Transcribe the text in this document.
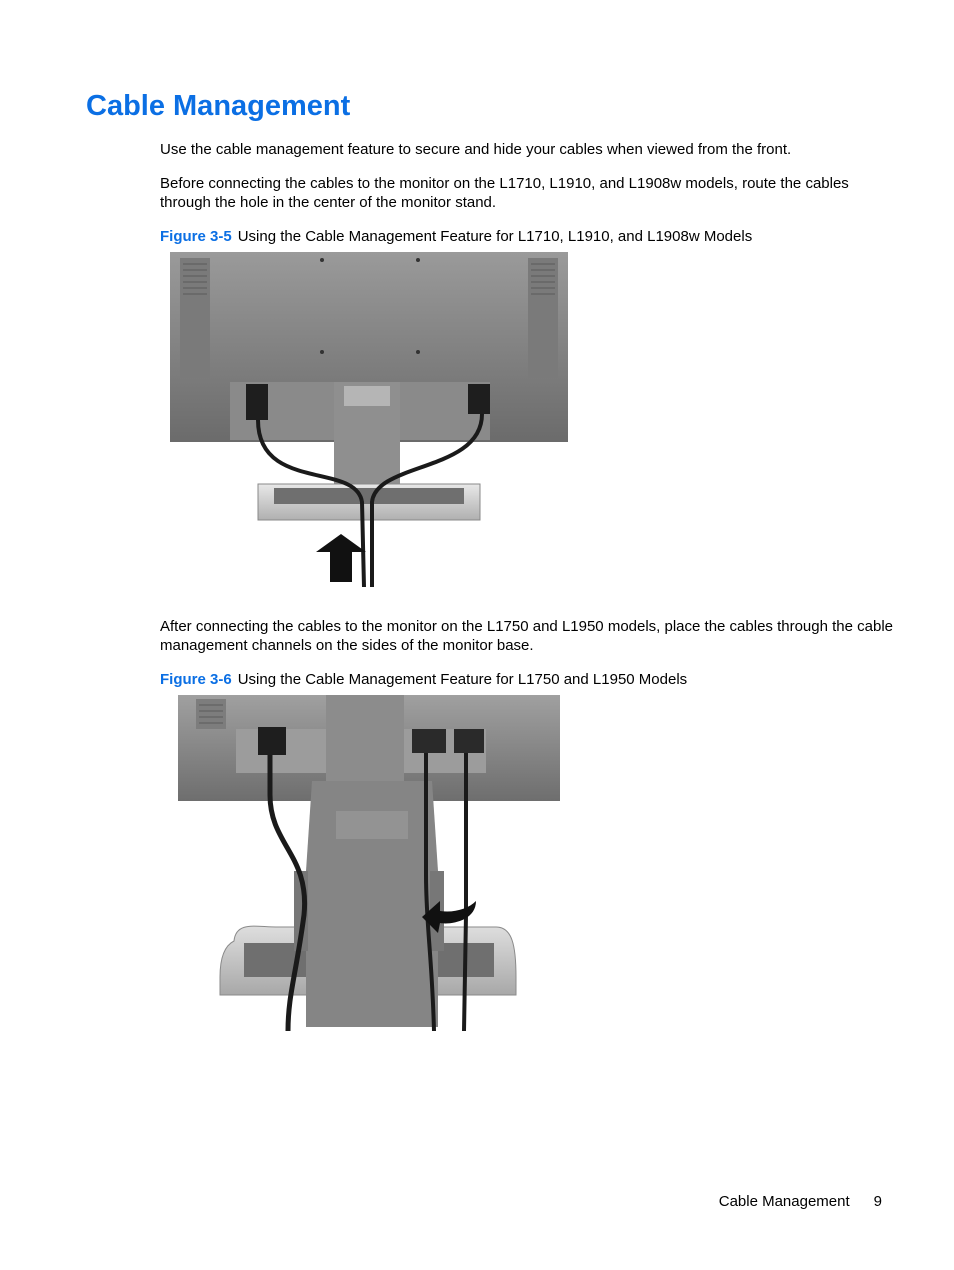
Cable Management

Use the cable management feature to secure and hide your cables when viewed from the front.

Before connecting the cables to the monitor on the L1710, L1910, and L1908w models, route the cables through the hole in the center of the monitor stand.

Figure 3-5 Using the Cable Management Feature for L1710, L1910, and L1908w Models

After connecting the cables to the monitor on the L1750 and L1950 models, place the cables through the cable management channels on the sides of the monitor base.

Figure 3-6 Using the Cable Management Feature for L1750 and L1950 Models

Cable Management 9
